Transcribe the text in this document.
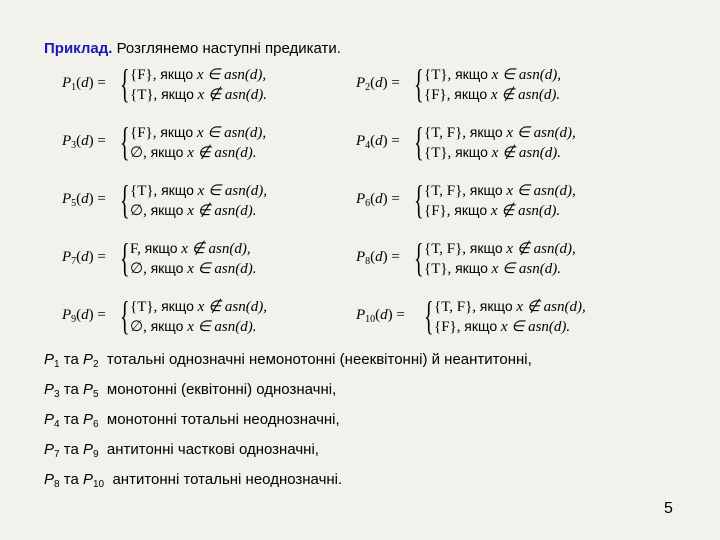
Приклад. Розглянемо наступні предикати.
$P_1(d)$ = { {F}, якщо x ∈ asn(d),
{T}, якщо x ∉ asn(d).
$P_2(d)$ = { {T}, якщо x ∈ asn(d),
{F}, якщо x ∉ asn(d).
$P_3(d)$ = { {F}, якщо x ∈ asn(d),
∅, якщо x ∉ asn(d).
$P_4(d)$ = { {T, F}, якщо x ∈ asn(d),
{T}, якщо x ∉ asn(d).
$P_5(d)$ = { {T}, якщо x ∈ asn(d),
∅, якщо x ∉ asn(d).
$P_6(d)$ = { {T, F}, якщо x ∈ asn(d),
{F}, якщо x ∉ asn(d).
$P_7(d)$ = { F, якщо x ∉ asn(d),
∅, якщо x ∈ asn(d).
$P_8(d)$ = { {T, F}, якщо x ∉ asn(d),
{T}, якщо x ∈ asn(d).
$P_9(d)$ = { {T}, якщо x ∉ asn(d),
∅, якщо x ∈ asn(d).
$P_{10}(d)$ = { {T, F}, якщо x ∉ asn(d),
{F}, якщо x ∈ asn(d).
$P_1$ та $P_2$ тотальні однозначні немонотонні (нееквітонні) й неантитонні,
$P_3$ та $P_5$ монотонні (еквітонні) однозначні,
$P_4$ та $P_6$ монотонні тотальні неоднозначні,
$P_7$ та $P_9$ антитонні часткові однозначні,
$P_8$ та $P_{10}$ антитонні тотальні неоднозначні.
5
